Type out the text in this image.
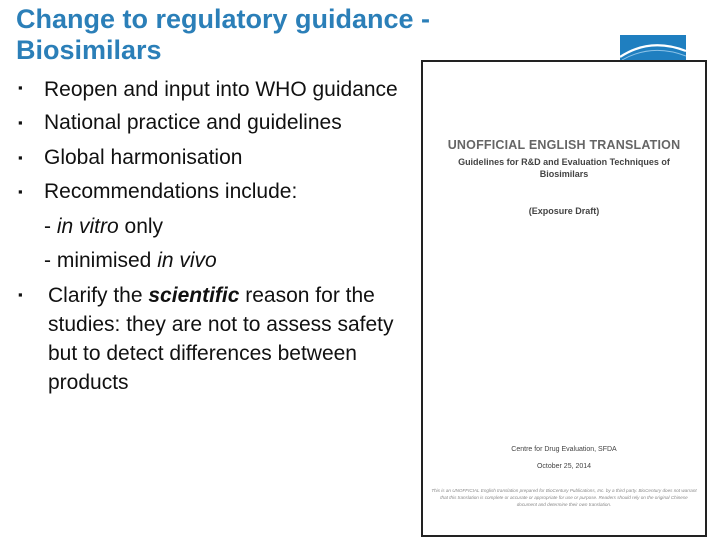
Change to regulatory guidance -
Biosimilars
▪ Reopen and input into WHO guidance
▪ National practice and guidelines
▪ Global harmonisation
▪ Recommendations include:
- in vitro only
- minimised in vivo
▪ Clarify the scientific reason for the studies: they are not to assess safety but to detect differences between products
UNOFFICIAL ENGLISH TRANSLATION
Guidelines for R&D and Evaluation Techniques of Biosimilars
(Exposure Draft)
Centre for Drug Evaluation, SFDA
October 25, 2014
This is an UNOFFICIAL English translation prepared for BioCentury Publications, Inc. by a third party. BioCentury does not warrant that this translation is complete or accurate or appropriate for use or purpose. Readers should rely on the original Chinese document and determine their own translation.
